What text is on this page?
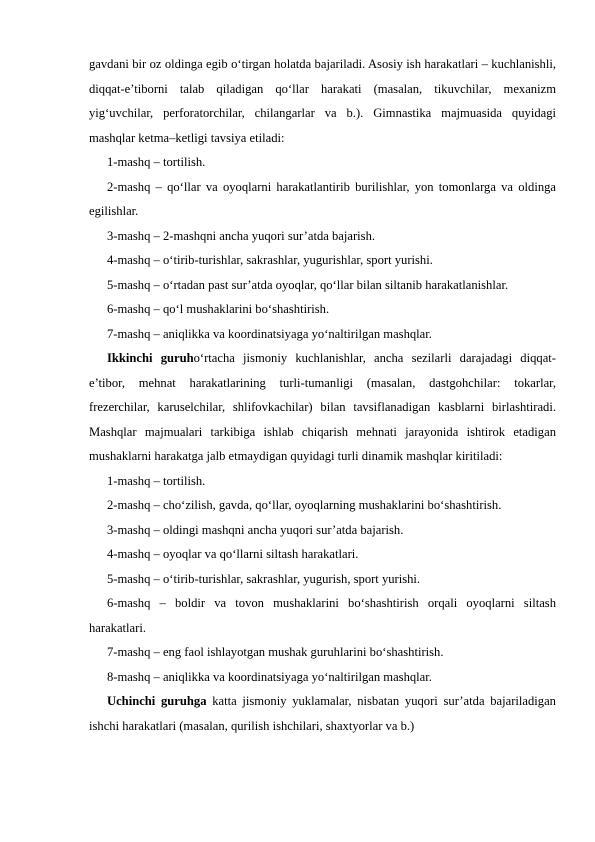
gavdani bir oz oldinga egib o‘tirgan holatda bajariladi. Asosiy ish harakatlari – kuchlanishli, diqqat-e’tiborni talab qiladigan qo‘llar harakati (masalan, tikuvchilar, mexanizm yig‘uvchilar, perforatorchilar, chilangarlar va b.). Gimnastika majmuasida quyidagi mashqlar ketma–ketligi tavsiya etiladi:

1-mashq – tortilish.

2-mashq – qo‘llar va oyoqlarni harakatlantirib burilishlar, yon tomonlarga va oldinga egilishlar.

3-mashq – 2-mashqni ancha yuqori sur’atda bajarish.

4-mashq – o‘tirib-turishlar, sakrashlar, yugurishlar, sport yurishi.

5-mashq – o‘rtadan past sur’atda oyoqlar, qo‘llar bilan siltanib harakatlanishlar.

6-mashq – qo‘l mushaklarini bo‘shashtirish.

7-mashq – aniqlikka va koordinatsiyaga yo‘naltirilgan mashqlar.

Ikkinchi guruho‘rtacha jismoniy kuchlanishlar, ancha sezilarli darajadagi diqqat-e’tibor, mehnat harakatlarining turli-tumanligi (masalan, dastgohchilar: tokarlar, frezerchilar, karuselchilar, shlifovkachilar) bilan tavsiflanadigan kasblarni birlashtiradi. Mashqlar majmualari tarkibiga ishlab chiqarish mehnati jarayonida ishtirok etadigan mushaklarni harakatga jalb etmaydigan quyidagi turli dinamik mashqlar kiritiladi:

1-mashq – tortilish.

2-mashq – cho‘zilish, gavda, qo‘llar, oyoqlarning mushaklarini bo‘shashtirish.

3-mashq – oldingi mashqni ancha yuqori sur’atda bajarish.

4-mashq – oyoqlar va qo‘llarni siltash harakatlari.

5-mashq – o‘tirib-turishlar, sakrashlar, yugurish, sport yurishi.

6-mashq – boldir va tovon mushaklarini bo‘shashtirish orqali oyoqlarni siltash harakatlari.

7-mashq – eng faol ishlayotgan mushak guruhlarini bo‘shashtirish.

8-mashq – aniqlikka va koordinatsiyaga yo‘naltirilgan mashqlar.

Uchinchi guruhga katta jismoniy yuklamalar, nisbatan yuqori sur’atda bajariladigan ishchi harakatlari (masalan, qurilish ishchilari, shaxtyorlar va b.)
